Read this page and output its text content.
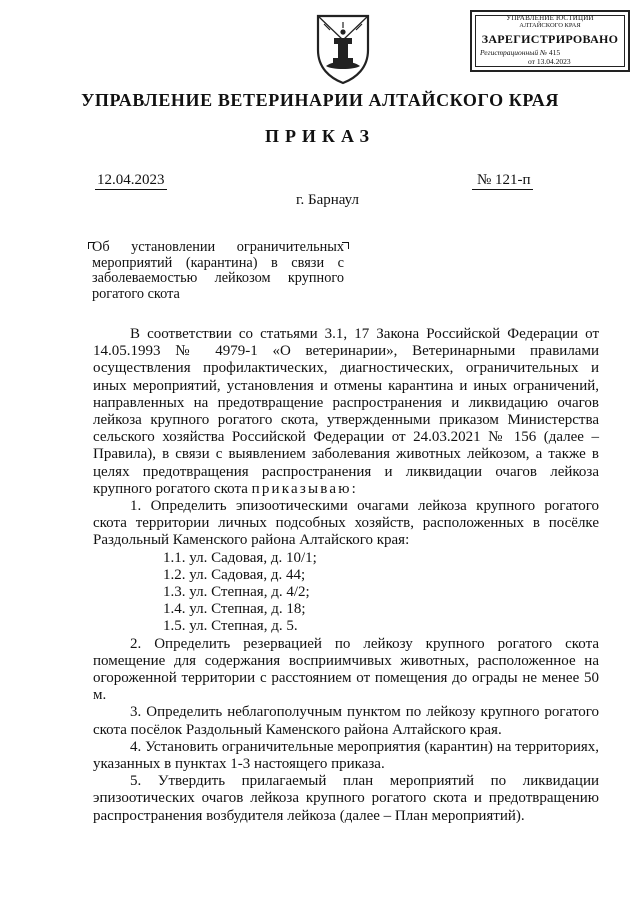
УПРАВЛЕНИЕ ЮСТИЦИИ
АЛТАЙСКОГО КРАЯ
ЗАРЕГИСТРИРОВАНО
Регистрационный № 415
от 13.04.2023
УПРАВЛЕНИЕ ВЕТЕРИНАРИИ АЛТАЙСКОГО КРАЯ
ПРИКАЗ
12.04.2023	№ 121-п
г. Барнаул
Об установлении ограничительных мероприятий (карантина) в связи с заболеваемостью лейкозом крупного рогатого скота

В соответствии со статьями 3.1, 17 Закона Российской Федерации от 14.05.1993 № 4979-1 «О ветеринарии», Ветеринарными правилами осуществления профилактических, диагностических, ограничительных и иных мероприятий, установления и отмены карантина и иных ограничений, направленных на предотвращение распространения и ликвидацию очагов лейкоза крупного рогатого скота, утвержденными приказом Министерства сельского хозяйства Российской Федерации от 24.03.2021 № 156 (далее – Правила), в связи с выявлением заболевания животных лейкозом, а также в целях предотвращения распространения и ликвидации очагов лейкоза крупного рогатого скота приказываю:

1. Определить эпизоотическими очагами лейкоза крупного рогатого скота территории личных подсобных хозяйств, расположенных в посёлке Раздольный Каменского района Алтайского края:

1.1. ул. Садовая, д. 10/1;

1.2. ул. Садовая, д. 44;

1.3. ул. Степная, д. 4/2;

1.4. ул. Степная, д. 18;

1.5. ул. Степная, д. 5.

2. Определить резервацией по лейкозу крупного рогатого скота помещение для содержания восприимчивых животных, расположенное на огороженной территории с расстоянием от помещения до ограды не менее 50 м.

3. Определить неблагополучным пунктом по лейкозу крупного рогатого скота посёлок Раздольный Каменского района Алтайского края.

4. Установить ограничительные мероприятия (карантин) на территориях, указанных в пунктах 1-3 настоящего приказа.

5. Утвердить прилагаемый план мероприятий по ликвидации эпизоотических очагов лейкоза крупного рогатого скота и предотвращению распространения возбудителя лейкоза (далее – План мероприятий).
